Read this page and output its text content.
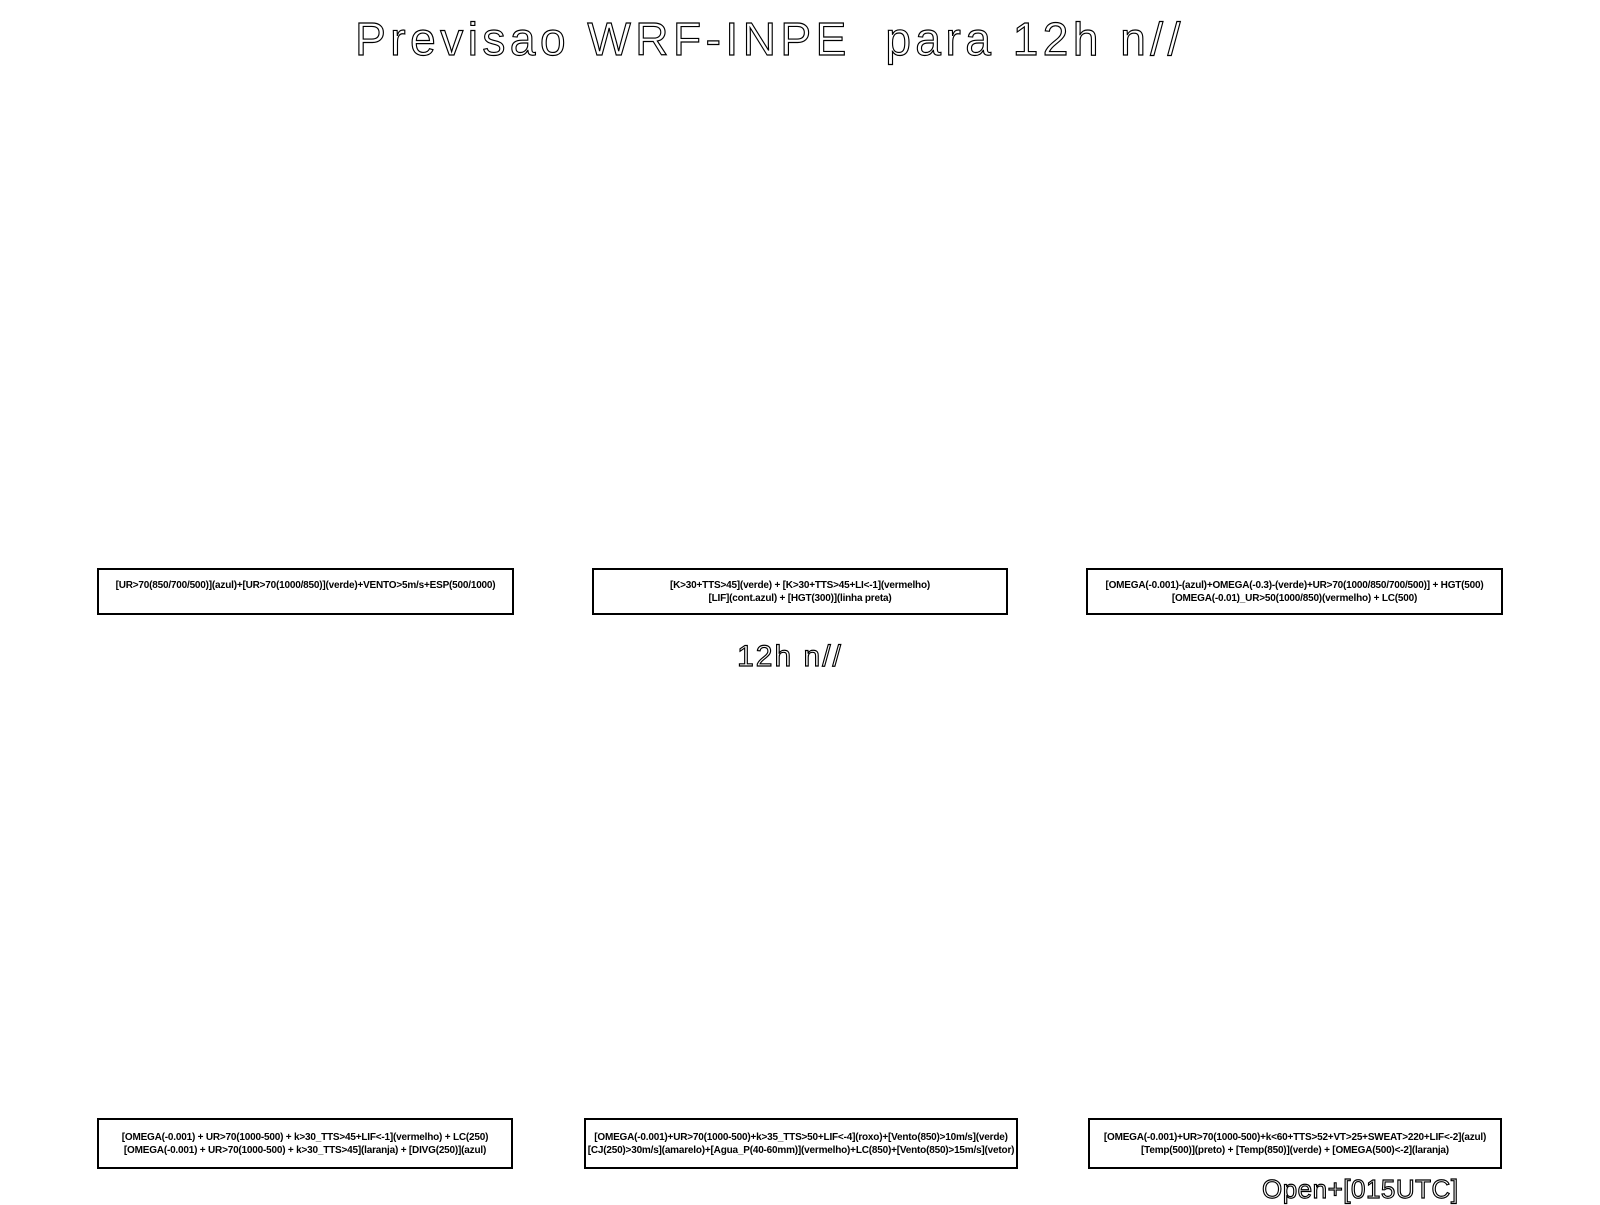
Previsao WRF-INPE  para 12h n//
[UR>70(850/700/500)](azul)+[UR>70(1000/850)](verde)+VENTO>5m/s+ESP(500/1000)	[K>30+TTS>45](verde) + [K>30+TTS>45+LI<-1](vermelho)
[LIF](cont.azul) + [HGT(300)](linha preta)
[OMEGA(-0.001)-(azul)+OMEGA(-0.3)-(verde)+UR>70(1000/850/700/500)] + HGT(500)
[OMEGA(-0.01)_UR>50(1000/850)(vermelho) + LC(500)
12h n//
[OMEGA(-0.001) + UR>70(1000-500) + k>30_TTS>45+LIF<-1](vermelho) + LC(250)
[OMEGA(-0.001) + UR>70(1000-500) + k>30_TTS>45](laranja) + [DIVG(250)](azul)
[OMEGA(-0.001)+UR>70(1000-500)+k>35_TTS>50+LIF<-4](roxo)+[Vento(850)>10m/s](verde)
[CJ(250)>30m/s](amarelo)+[Agua_P(40-60mm)](vermelho)+LC(850)+[Vento(850)>15m/s](vetor)
[OMEGA(-0.001)+UR>70(1000-500)+k<60+TTS>52+VT>25+SWEAT>220+LIF<-2](azul)
[Temp(500)](preto) + [Temp(850)](verde) + [OMEGA(500)<-2](laranja)
Open+[015UTC]
